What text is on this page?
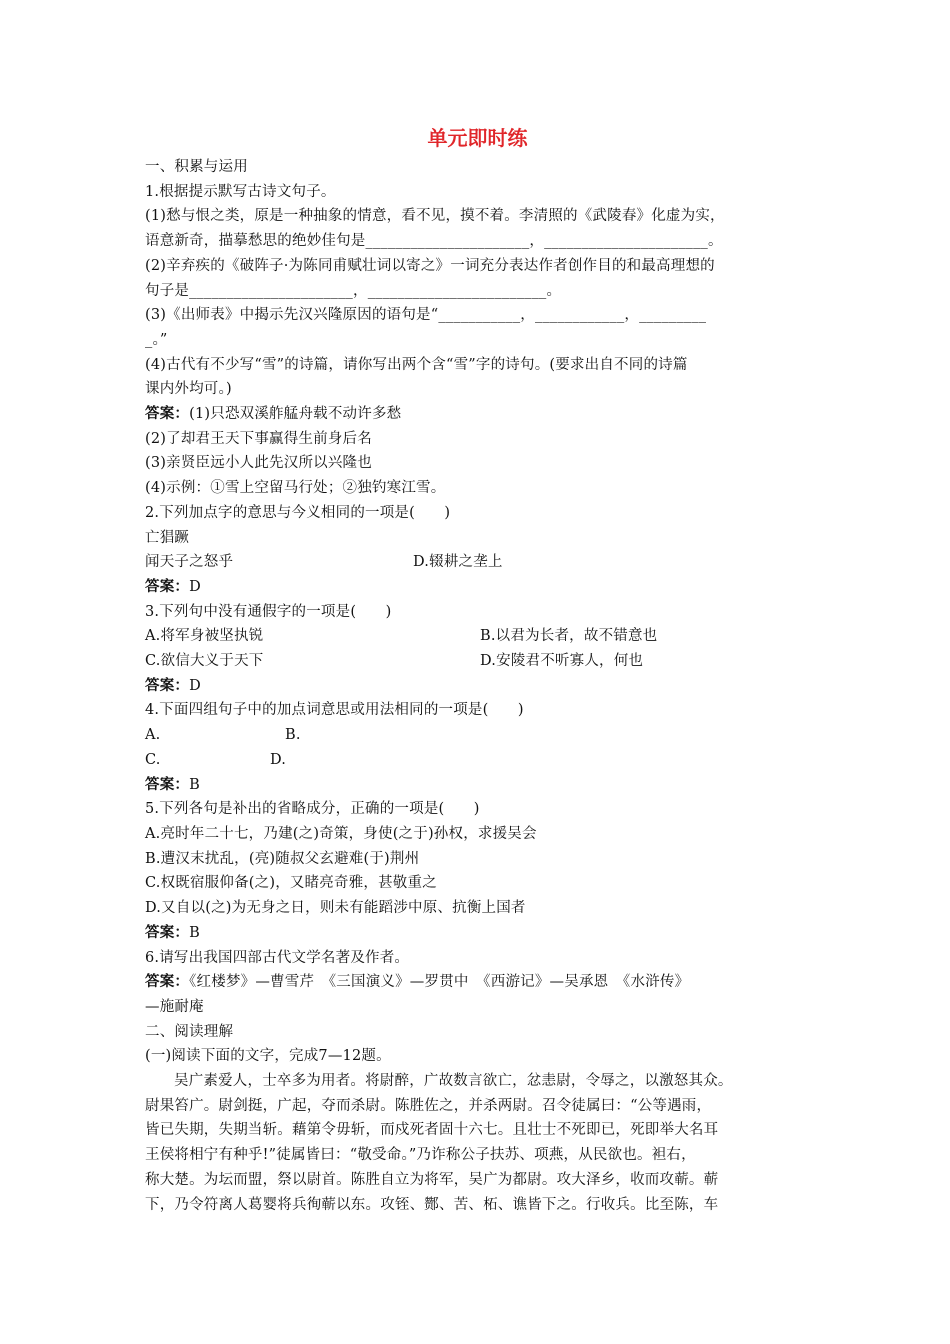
单元即时练
一、积累与运用
1.根据提示默写古诗文句子。
(1)愁与恨之类，原是一种抽象的情意，看不见，摸不着。李清照的《武陵春》化虚为实，
语意新奇，描摹愁思的绝妙佳句是______________________，______________________。
(2)辛弃疾的《破阵子·为陈同甫赋壮词以寄之》一词充分表达作者创作目的和最高理想的
句子是______________________，________________________。
(3)《出师表》中揭示先汉兴隆原因的语句是“___________，____________，_________
_。”
(4)古代有不少写“雪”的诗篇，请你写出两个含“雪”字的诗句。(要求出自不同的诗篇
课内外均可。)
答案：(1)只恐双溪舴艋舟载不动许多愁
(2)了却君王天下事赢得生前身后名
(3)亲贤臣远小人此先汉所以兴隆也
(4)示例：①雪上空留马行处；②独钓寒江雪。
2.下列加点字的意思与今义相同的一项是(　　)
亡猖蹶
闻天子之怒乎	D.辍耕之垄上
答案：D
3.下列句中没有通假字的一项是(　　)
A.将军身被坚执锐	B.以君为长者，故不错意也
C.欲信大义于天下	D.安陵君不听寡人，何也
答案：D
4.下面四组句子中的加点词意思或用法相同的一项是(　　)
A.	B.
C.	D.
答案：B
5.下列各句是补出的省略成分，正确的一项是(　　)
A.亮时年二十七，乃建(之)奇策，身使(之于)孙权，求援吴会
B.遭汉末扰乱，(亮)随叔父玄避难(于)荆州
C.权既宿服仰备(之)，又睹亮奇雅，甚敬重之
D.又自以(之)为无身之日，则未有能蹈涉中原、抗衡上国者
答案：B
6.请写出我国四部古代文学名著及作者。
答案：《红楼梦》—曹雪芹　《三国演义》—罗贯中　《西游记》—吴承恩　《水浒传》
—施耐庵
二、阅读理解
(一)阅读下面的文字，完成7—12题。
吴广素爱人，士卒多为用者。将尉醉，广故数言欲亡，忿恚尉，令辱之，以激怒其众。
尉果笞广。尉剑挺，广起，夺而杀尉。陈胜佐之，并杀两尉。召令徒属曰：“公等遇雨，
皆已失期，失期当斩。藉第令毋斩，而戍死者固十六七。且壮士不死即已，死即举大名耳
王侯将相宁有种乎!”徒属皆曰：“敬受命。”乃诈称公子扶苏、项燕，从民欲也。袒右，
称大楚。为坛而盟，祭以尉首。陈胜自立为将军，吴广为都尉。攻大泽乡，收而攻蕲。蕲
下，乃令符离人葛婴将兵徇蕲以东。攻铚、酂、苦、柘、谯皆下之。行收兵。比至陈，车
